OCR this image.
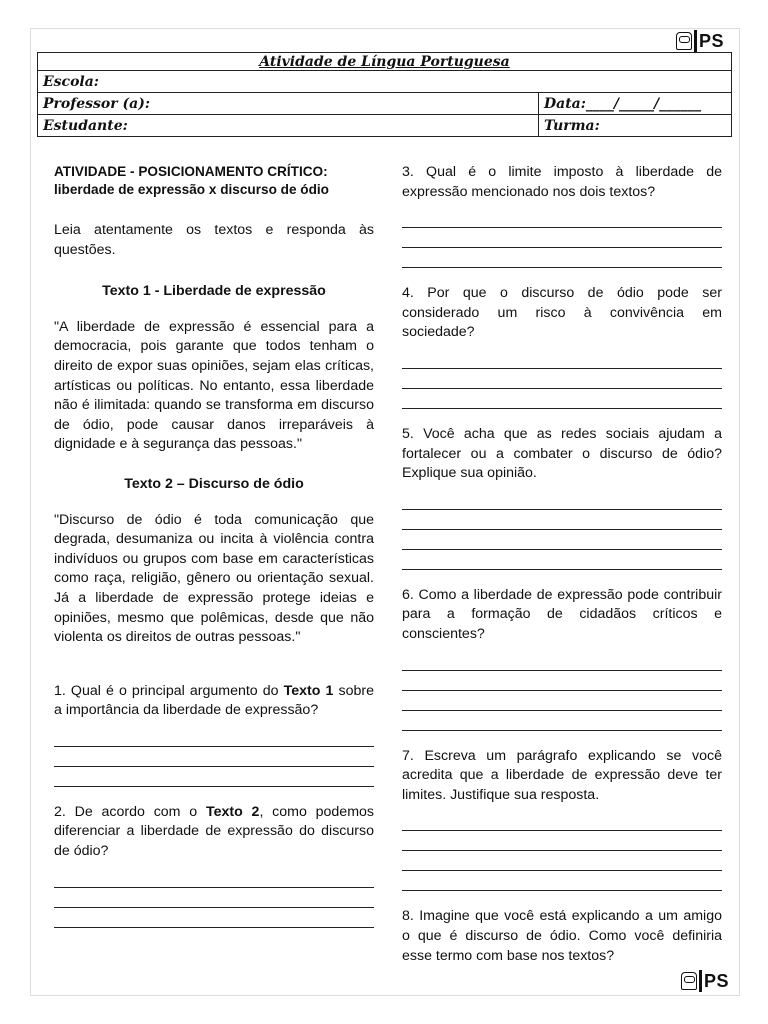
PS
Atividade de Língua Portuguesa	
Escola:	
Professor (a):	Data:____/_____/______
Estudante:	Turma:
ATIVIDADE - POSICIONAMENTO CRÍTICO:
liberdade de expressão x discurso de ódio

Leia atentamente os textos e responda às questões.

Texto 1 - Liberdade de expressão

"A liberdade de expressão é essencial para a democracia, pois garante que todos tenham o direito de expor suas opiniões, sejam elas críticas, artísticas ou políticas. No entanto, essa liberdade não é ilimitada: quando se transforma em discurso de ódio, pode causar danos irreparáveis à dignidade e à segurança das pessoas."

Texto 2 – Discurso de ódio

"Discurso de ódio é toda comunicação que degrada, desumaniza ou incita à violência contra indivíduos ou grupos com base em características como raça, religião, gênero ou orientação sexual. Já a liberdade de expressão protege ideias e opiniões, mesmo que polêmicas, desde que não violenta os direitos de outras pessoas."

1. Qual é o principal argumento do Texto 1 sobre a importância da liberdade de expressão?

2. De acordo com o Texto 2, como podemos diferenciar a liberdade de expressão do discurso de ódio?

3. Qual é o limite imposto à liberdade de expressão mencionado nos dois textos?

4. Por que o discurso de ódio pode ser considerado um risco à convivência em sociedade?

5. Você acha que as redes sociais ajudam a fortalecer ou a combater o discurso de ódio? Explique sua opinião.

6. Como a liberdade de expressão pode contribuir para a formação de cidadãos críticos e conscientes?

7. Escreva um parágrafo explicando se você acredita que a liberdade de expressão deve ter limites. Justifique sua resposta.

8. Imagine que você está explicando a um amigo o que é discurso de ódio. Como você definiria esse termo com base nos textos?

PS
